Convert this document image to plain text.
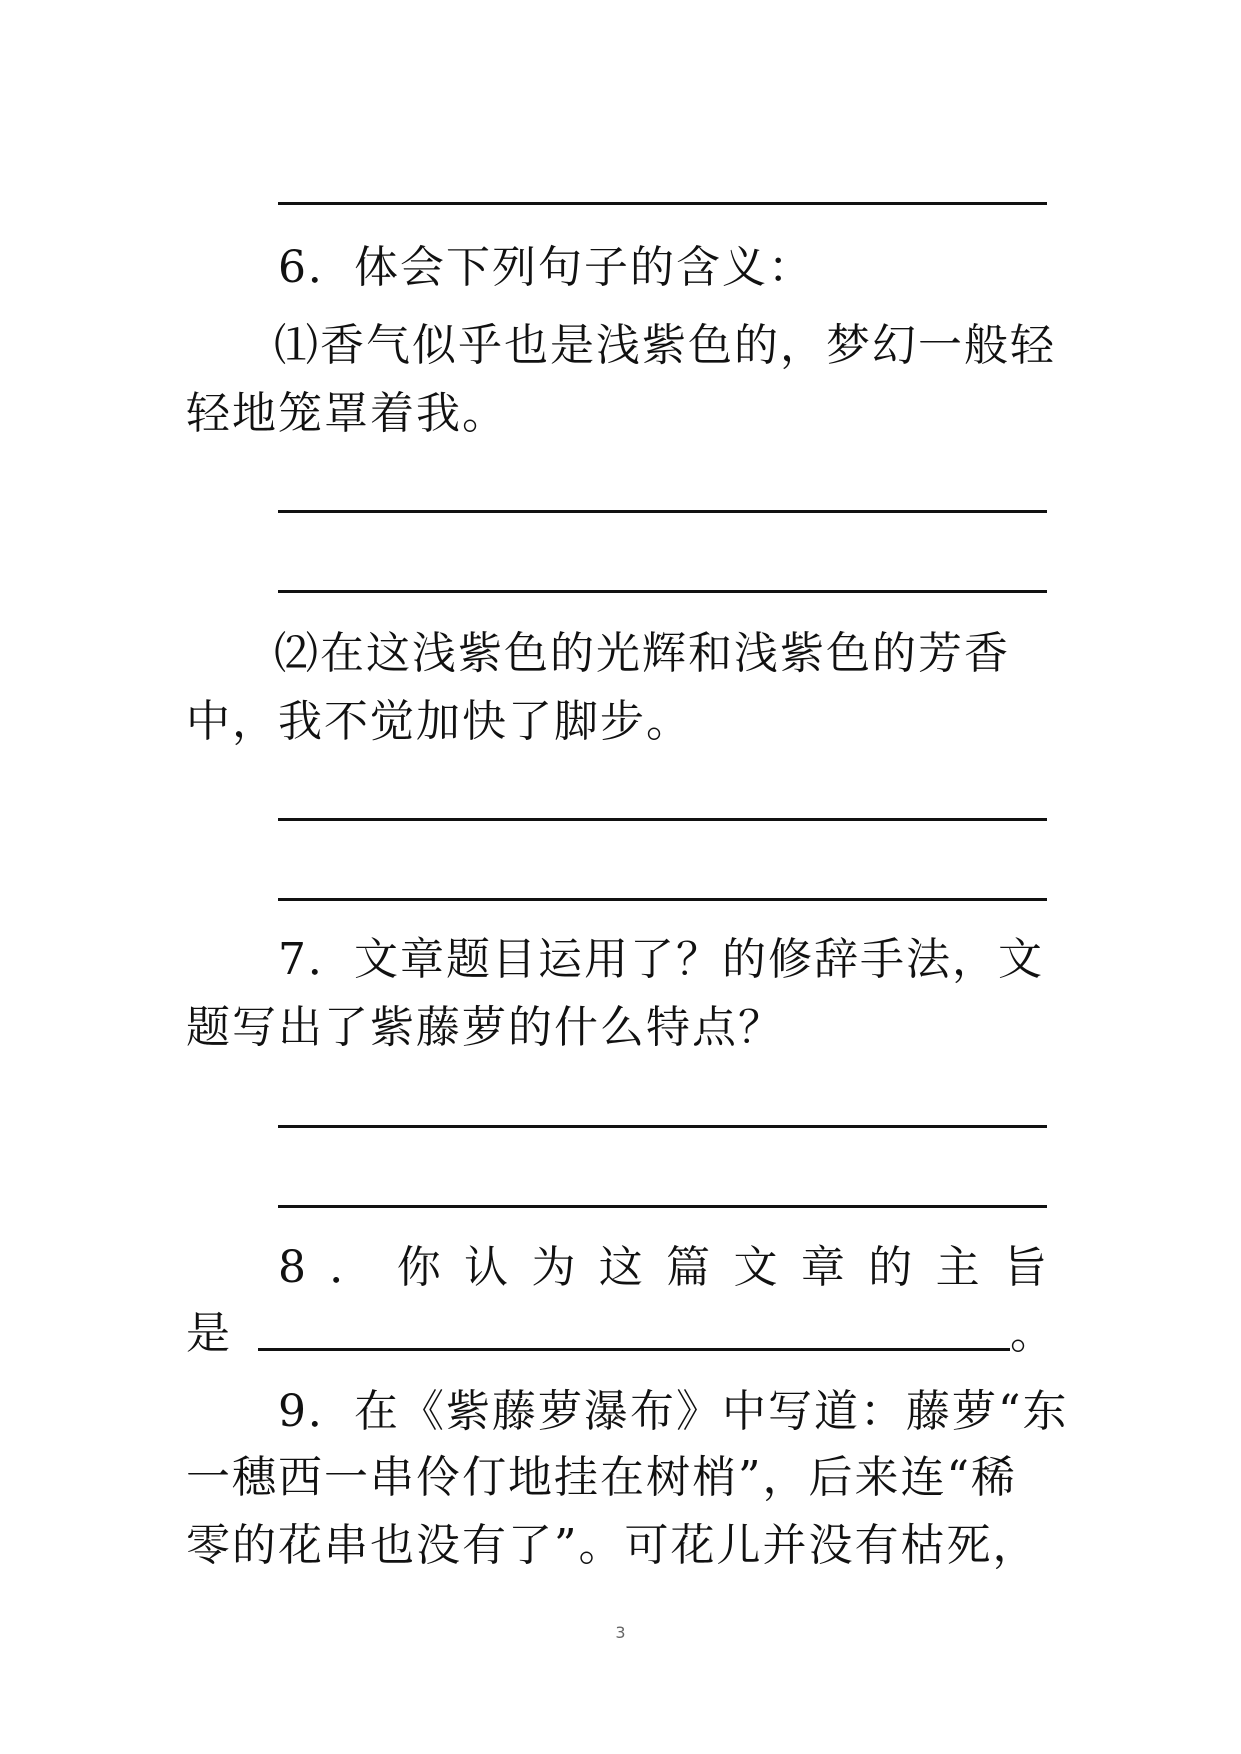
6．体会下列句子的含义：
⑴香气似乎也是浅紫色的，梦幻一般轻
轻地笼罩着我。
⑵在这浅紫色的光辉和浅紫色的芳香
中，我不觉加快了脚步。
7．文章题目运用了？的修辞手法，文
题写出了紫藤萝的什么特点？
8 ． 你 认 为 这 篇 文 章 的 主 旨
是	。
9．在《紫藤萝瀑布》中写道：藤萝“东
一穗西一串伶仃地挂在树梢”，后来连“稀
零的花串也没有了”。可花儿并没有枯死，
3
